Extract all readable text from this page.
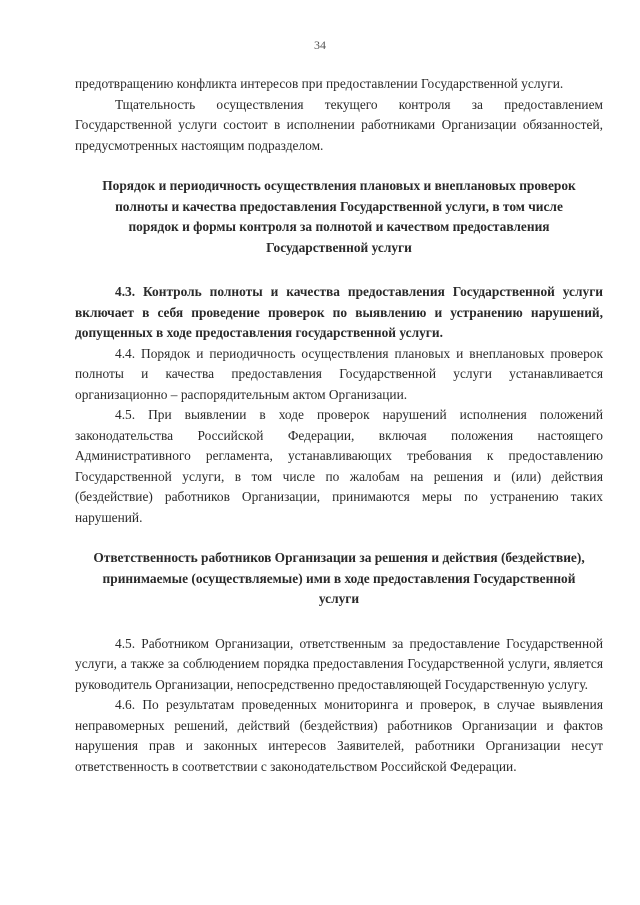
34

предотвращению конфликта интересов при предоставлении Государственной услуги.

Тщательность осуществления текущего контроля за предоставлением Государственной услуги состоит в исполнении работниками Организации обязанностей, предусмотренных настоящим подразделом.

Порядок и периодичность осуществления плановых и внеплановых проверок полноты и качества предоставления Государственной услуги, в том числе порядок и формы контроля за полнотой и качеством предоставления Государственной услуги

4.3. Контроль полноты и качества предоставления Государственной услуги включает в себя проведение проверок по выявлению и устранению нарушений, допущенных в ходе предоставления государственной услуги.

4.4. Порядок и периодичность осуществления плановых и внеплановых проверок полноты и качества предоставления Государственной услуги устанавливается организационно – распорядительным актом Организации.

4.5. При выявлении в ходе проверок нарушений исполнения положений законодательства Российской Федерации, включая положения настоящего Административного регламента, устанавливающих требования к предоставлению Государственной услуги, в том числе по жалобам на решения и (или) действия (бездействие) работников Организации, принимаются меры по устранению таких нарушений.

Ответственность работников Организации за решения и действия (бездействие), принимаемые (осуществляемые) ими в ходе предоставления Государственной услуги

4.5. Работником Организации, ответственным за предоставление Государственной услуги, а также за соблюдением порядка предоставления Государственной услуги, является руководитель Организации, непосредственно предоставляющей Государственную услугу.

4.6. По результатам проведенных мониторинга и проверок, в случае выявления неправомерных решений, действий (бездействия) работников Организации и фактов нарушения прав и законных интересов Заявителей, работники Организации несут ответственность в соответствии с законодательством Российской Федерации.
